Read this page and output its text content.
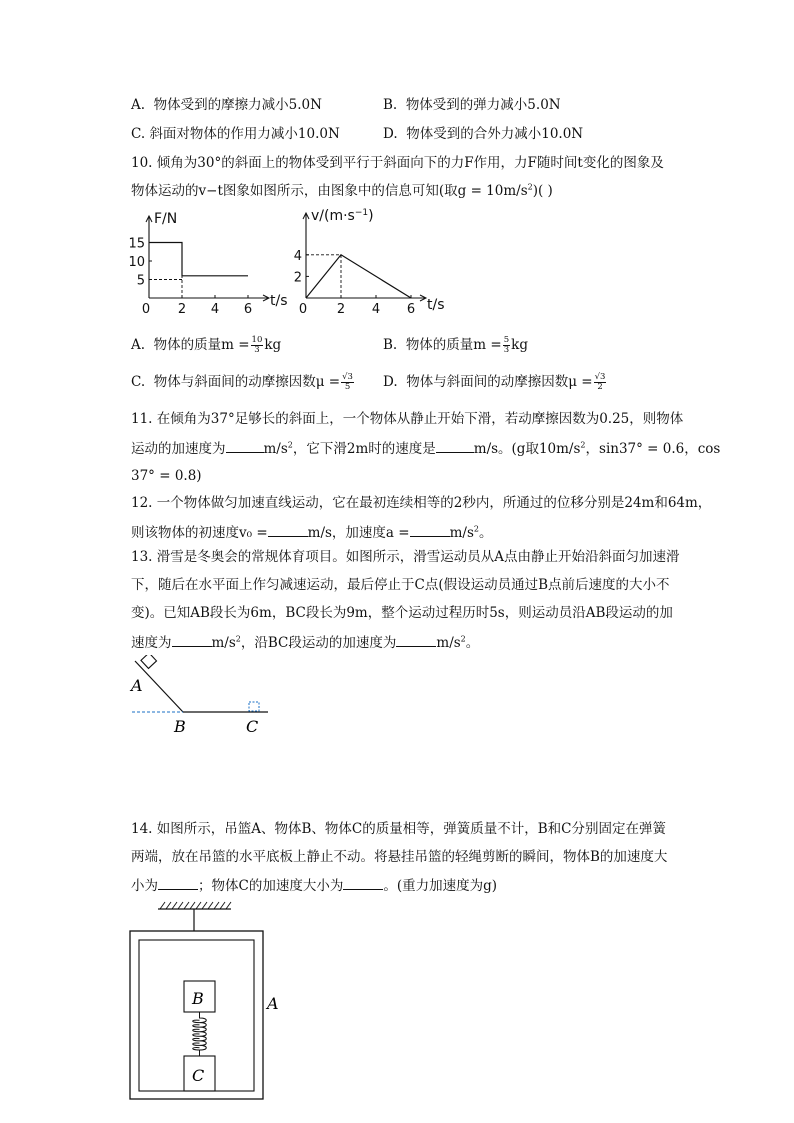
A. 物体受到的摩擦力减小5.0N	B. 物体受到的弹力减小5.0N
C. 斜面对物体的作用力减小10.0N	D. 物体受到的合外力减小10.0N
10. 倾角为30°的斜面上的物体受到平行于斜面向下的力F作用，力F随时间t变化的图象及
物体运动的v−t图象如图所示，由图象中的信息可知(取$g = 10m/s^2$)( )
2 4 6
5
10
15
0
t/s
F/N
2 4 6
2
4
0	t/s
$v/(m\cdot s^{-1})$
A. 物体的质量$m = \frac{10}{3}$ kg	B. 物体的质量$m = \frac{5}{3}$ kg
C. 物体与斜面间的动摩擦因数$\mu = \frac{√3}{5} D$. 物体与斜面间的动摩擦因数$\mu = \frac{√3}{2}$
11. 在倾角为37°足够长的斜面上，一个物体从静止开始下滑，若动摩擦因数为0.25，则物体
运动的加速度为	$m/s^2$，它下滑2m时的速度是	m/s。(g取$10m/s^2$，sin37° = 0.6，cos
37° = 0.8)
12. 一个物体做匀加速直线运动，它在最初连续相等的2秒内，所通过的位移分别是24m和64m，
则该物体的初速度v₀ =	m/s，加速度a =	$m/s^2$。
13. 滑雪是冬奥会的常规体育项目。如图所示，滑雪运动员从A点由静止开始沿斜面匀加速滑
下，随后在水平面上作匀减速运动，最后停止于C点(假设运动员通过B点前后速度的大小不
变)。已知AB段长为6m，BC段长为9m，整个运动过程历时5s，则运动员沿AB段运动的加
速度为	$m/s^2$，沿BC段运动的加速度为	$m/s^2$。
A
B	C
14. 如图所示，吊篮A、物体B、物体C的质量相等，弹簧质量不计，B和C分别固定在弹簧
两端，放在吊篮的水平底板上静止不动。将悬挂吊篮的轻绳剪断的瞬间，物体B的加速度大
小为	；物体C的加速度大小为	。(重力加速度为g)
B
C
A
